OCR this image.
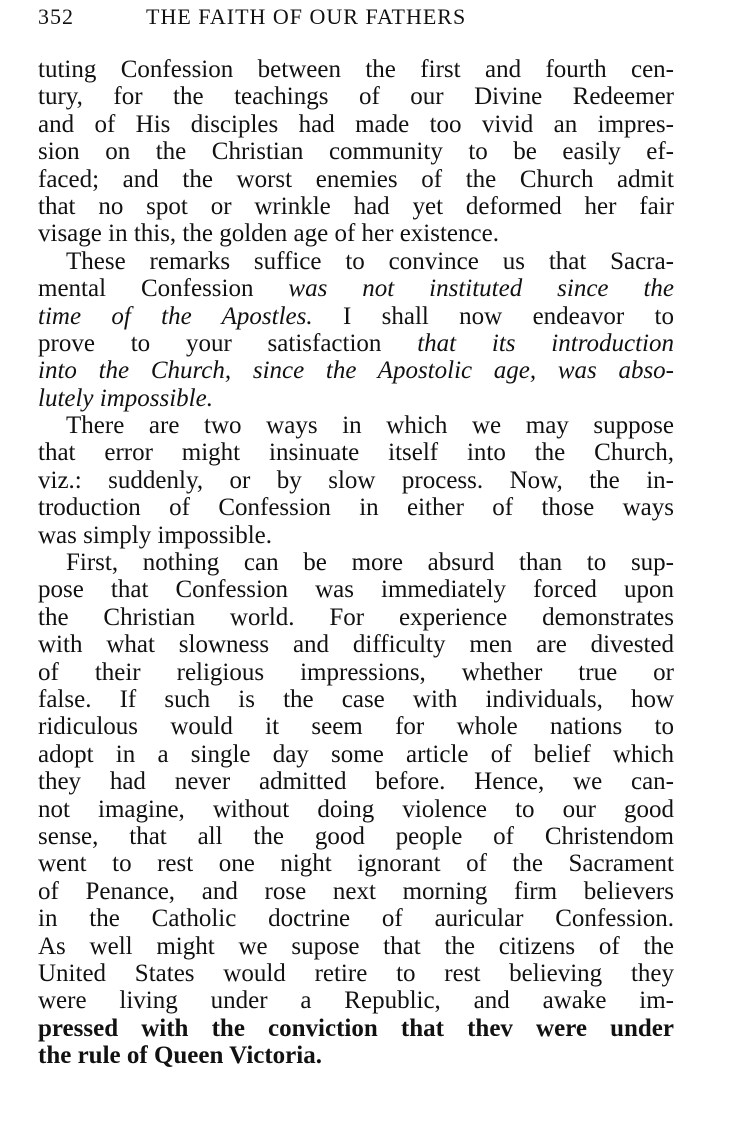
352	THE FAITH OF OUR FATHERS
tuting Confession between the first and fourth cen-
tury, for the teachings of our Divine Redeemer
and of His disciples had made too vivid an impres-
sion on the Christian community to be easily ef-
faced; and the worst enemies of the Church admit
that no spot or wrinkle had yet deformed her fair
visage in this, the golden age of her existence.
These remarks suffice to convince us that Sacra-
mental Confession was not instituted since the
time of the Apostles. I shall now endeavor to
prove to your satisfaction that its introduction
into the Church, since the Apostolic age, was abso-
lutely impossible.
There are two ways in which we may suppose
that error might insinuate itself into the Church,
viz.: suddenly, or by slow process. Now, the in-
troduction of Confession in either of those ways
was simply impossible.
First, nothing can be more absurd than to sup-
pose that Confession was immediately forced upon
the Christian world. For experience demonstrates
with what slowness and difficulty men are divested
of their religious impressions, whether true or
false. If such is the case with individuals, how
ridiculous would it seem for whole nations to
adopt in a single day some article of belief which
they had never admitted before. Hence, we can-
not imagine, without doing violence to our good
sense, that all the good people of Christendom
went to rest one night ignorant of the Sacrament
of Penance, and rose next morning firm believers
in the Catholic doctrine of auricular Confession.
As well might we supose that the citizens of the
United States would retire to rest believing they
were living under a Republic, and awake im-
pressed with the conviction that thev were under
the rule of Queen Victoria.
